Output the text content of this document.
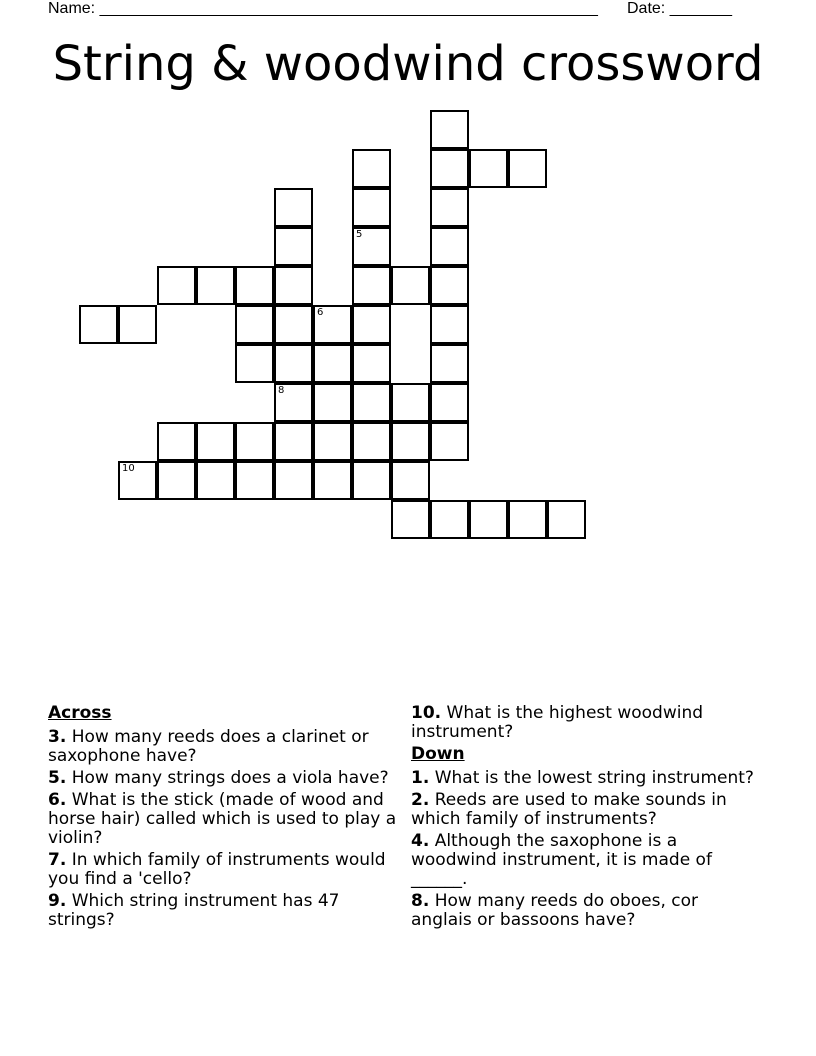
Name: ________________________________________________________ Date: _______
String & woodwind crossword
5
8
10
6
Across
3. How many reeds does a clarinet or saxophone have?
5. How many strings does a viola have?
6. What is the stick (made of wood and horse hair) called which is used to play a violin?
7. In which family of instruments would you find a 'cello?
9. Which string instrument has 47 strings?
10. What is the highest woodwind instrument?
Down
1. What is the lowest string instrument?
2. Reeds are used to make sounds in which family of instruments?
4. Although the saxophone is a woodwind instrument, it is made of ______.
8. How many reeds do oboes, cor anglais or bassoons have?
